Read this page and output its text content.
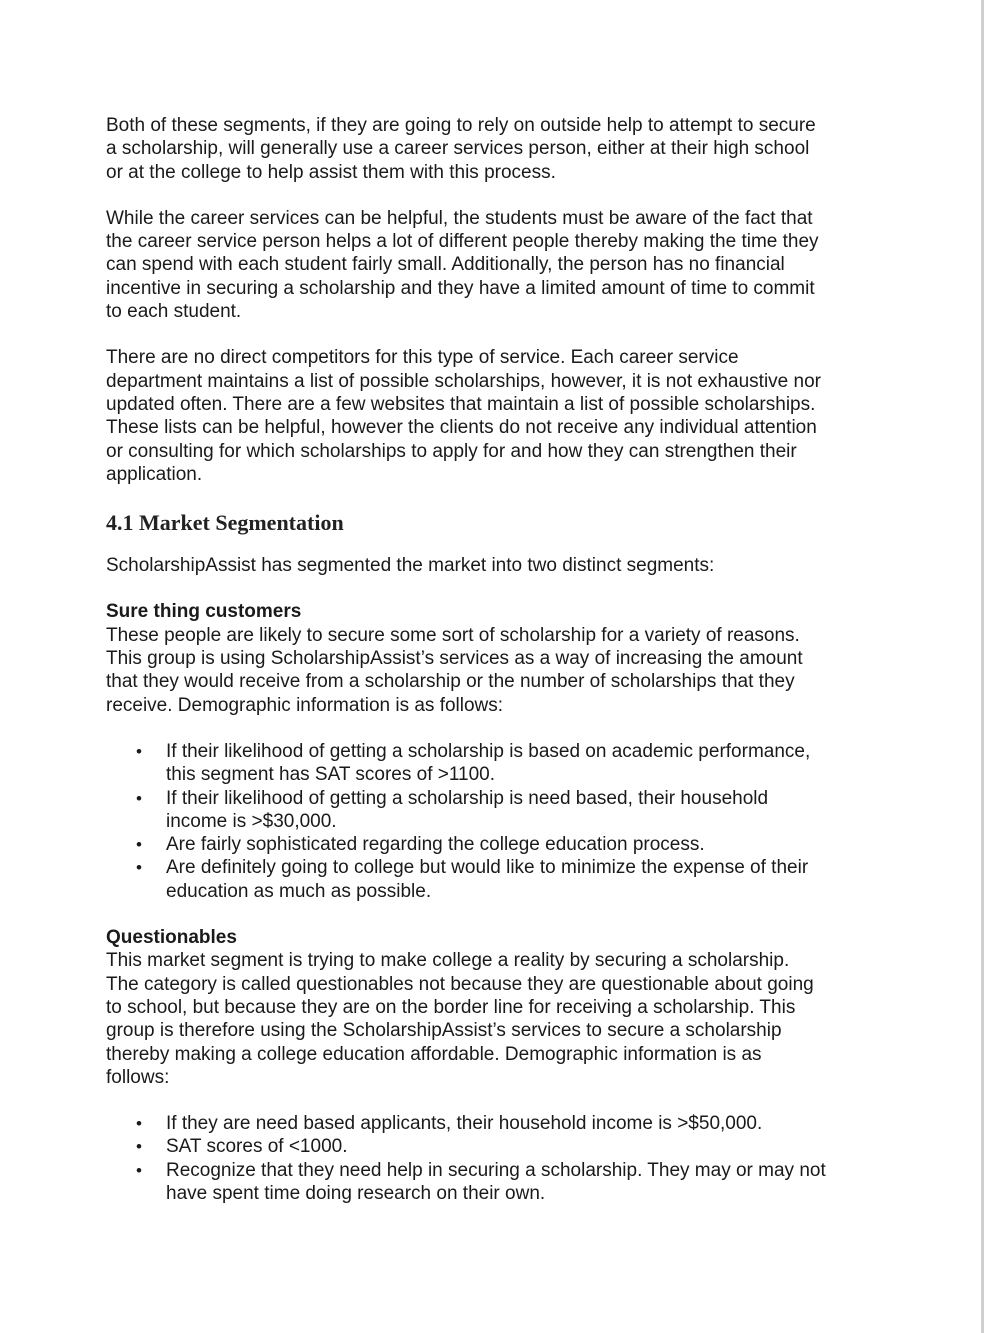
Both of these segments, if they are going to rely on outside help to attempt to secure
a scholarship, will generally use a career services person, either at their high school
or at the college to help assist them with this process.

While the career services can be helpful, the students must be aware of the fact that
the career service person helps a lot of different people thereby making the time they
can spend with each student fairly small. Additionally, the person has no financial
incentive in securing a scholarship and they have a limited amount of time to commit
to each student.

There are no direct competitors for this type of service. Each career service
department maintains a list of possible scholarships, however, it is not exhaustive nor
updated often. There are a few websites that maintain a list of possible scholarships.
These lists can be helpful, however the clients do not receive any individual attention
or consulting for which scholarships to apply for and how they can strengthen their
application.

4.1 Market Segmentation

ScholarshipAssist has segmented the market into two distinct segments:

Sure thing customers
These people are likely to secure some sort of scholarship for a variety of reasons.
This group is using ScholarshipAssist’s services as a way of increasing the amount
that they would receive from a scholarship or the number of scholarships that they
receive. Demographic information is as follows:

• If their likelihood of getting a scholarship is based on academic performance,
this segment has SAT scores of >1100.
• If their likelihood of getting a scholarship is need based, their household
income is >$30,000.
• Are fairly sophisticated regarding the college education process.
• Are definitely going to college but would like to minimize the expense of their
education as much as possible.

Questionables
This market segment is trying to make college a reality by securing a scholarship.
The category is called questionables not because they are questionable about going
to school, but because they are on the border line for receiving a scholarship. This
group is therefore using the ScholarshipAssist’s services to secure a scholarship
thereby making a college education affordable. Demographic information is as
follows:

• If they are need based applicants, their household income is >$50,000.
• SAT scores of <1000.
• Recognize that they need help in securing a scholarship. They may or may not
have spent time doing research on their own.
